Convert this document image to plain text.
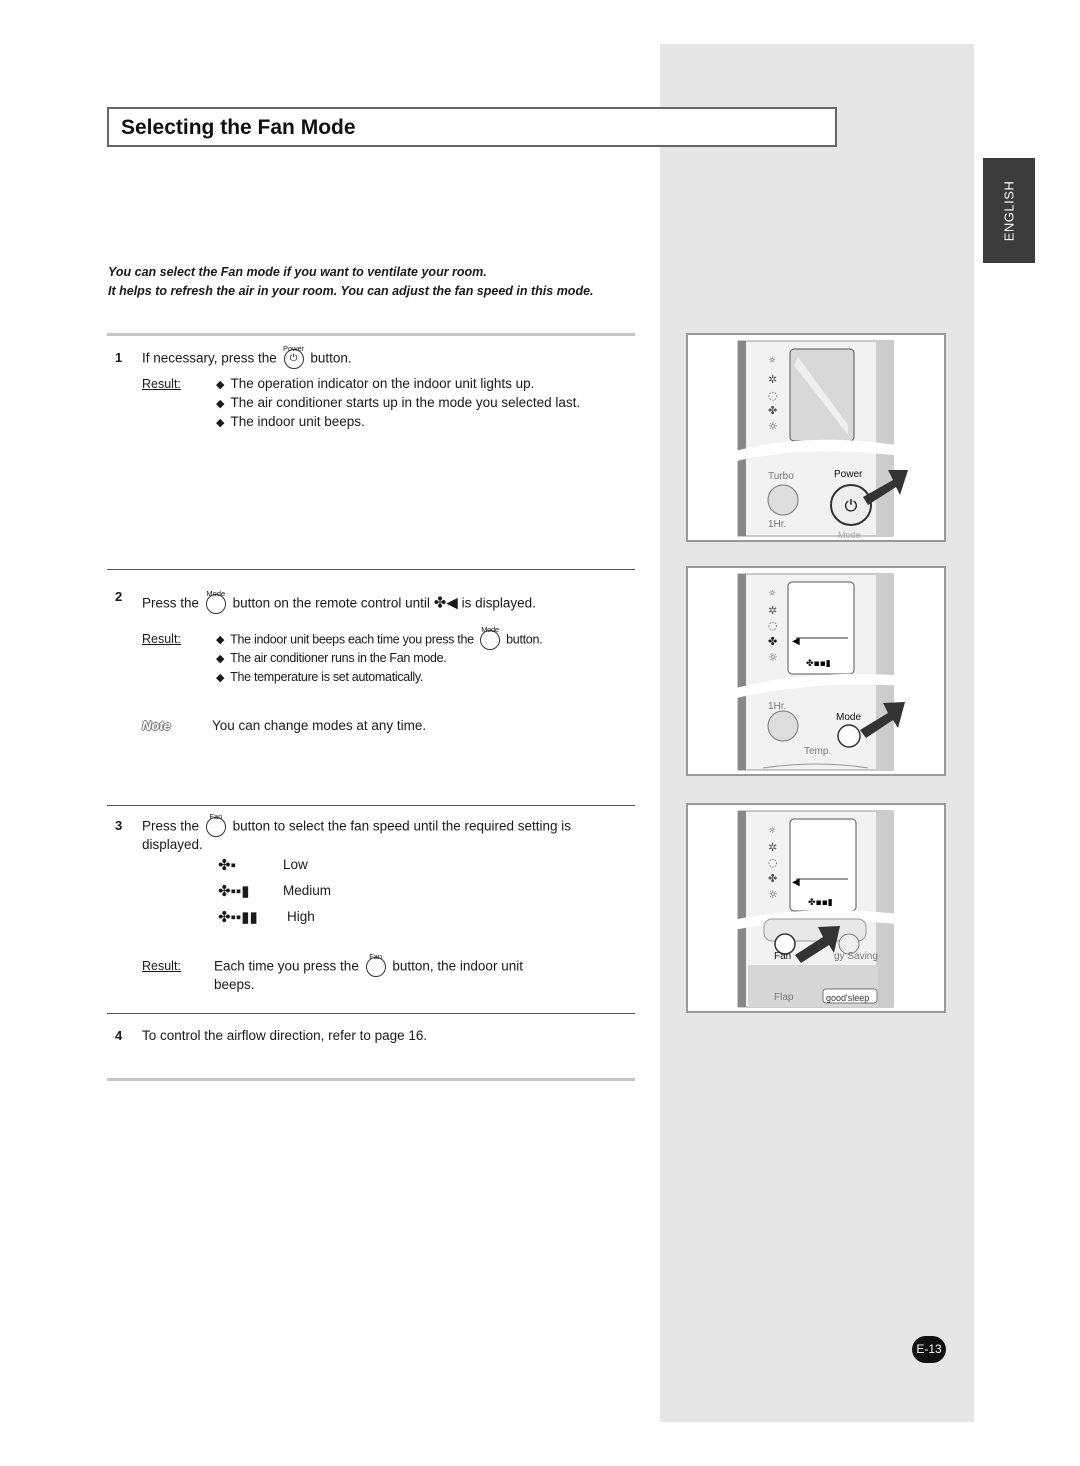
ENGLISH
Selecting the Fan Mode
You can select the Fan mode if you want to ventilate your room.
It helps to refresh the air in your room. You can adjust the fan speed in this mode.
1 If necessary, press the
Power
⏻ button.
Result:	◆ The operation indicator on the indoor unit lights up.
◆ The air conditioner starts up in the mode you selected last.
◆ The indoor unit beeps.
2 Press the
Mode
button on the remote control until ✤◀ is displayed.
Result:	◆ The indoor unit beeps each time you press the
Mode
button.
◆ The air conditioner runs in the Fan mode.
◆ The temperature is set automatically.
Note	You can change modes at any time.
3 Press the
Fan
button to select the fan speed until the required setting is
displayed.
✤▪	Low
✤▪▪▮ Medium
✤▪▪▮▮ High
Result: Each time you press the
Fan
button, the indoor unit
beeps.
4 To control the airflow direction, refer to page 16.
☼
✲
◌
✤
☼
⏻
Turbo	Power
1Hr.
Mode
◀
✤▪▪▮
☼
✲
◌
✤
☼
1Hr.
Mode
Temp.
◀
✤▪▪▮
☼
✲
◌
✤
☼
Fan	gy Saving
Flap	good'sleep
E-13
